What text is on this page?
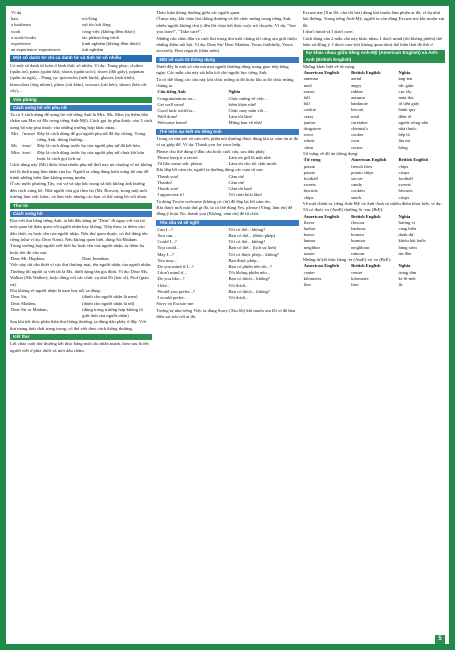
Vì dụ	
hair	tóc/lông
a hairbairn	sợi tóc/sợi lông
work	công việc (không đếm được)
a work/works	tác phẩm/công trình
experience	kinh nghiệm (không đếm được)
an experience/ experiences	trải nghiệm
Một số danh từ chỉ cả danh từ và tính từ số nhiều

Có một số danh từ luôn ở hình thức số nhiều. Ví dụ: Trang phục: clothes (quần áo), pants (quần dài), shorts (quần soóc), shoes (đôi giày), pajamas (quần áo ngủ),... Dụng cụ: spectacles (mắt kính), glasses (mắt kính), binoculars (ống nhòm), pliers (cái kềm), scissors (cái kéo), shears (kéo cắt cây),...

Văn phòng
Cách xưng hô với phụ nữ

Ta có 3 cách dùng để xưng hô với tiếng Anh là Mrs, Ms, Miss (ta thêm dấu chấm sau Mrs và Ms trong tiếng Anh-Mỹ). Cách gọi ấy phụ thuộc vào 3 cách xưng hô này phụ thuộc vào những trường hợp khác nhau.

Mrs	/'mɪsɪz/	Đây là cách dùng để gọi người phụ nữ đã lấy chồng. Trong tiếng Anh, thông thường...
Ms	/mɪz/	Đây là cách dùng trước họ của người phụ nữ đã kết hôn.
Miss	/mɪs/	Đây là cách dùng trước họ của người phụ nữ chưa kết hôn hoặc là cách gọi lịch sự.

Cách dùng này (Ms) được khai nhiều phụ nữ thời nay ưa chuộng vì nó không tiết lộ tình trạng hôn nhân của họ. Người ta cũng dùng kiểu xưng hô này để tránh những hiểu lầm không mong muốn.

Ở các nước phương Tây, vai vợ và sắp bắc trong xã hội không ảnh hưởng đến cách xưng hô. Nhà người chủ gọi theo họ (Mr. Brown), trong một môi trường làm việc khác, và làm việc nhưng các bạn có thể xưng hô với nhau.

Thư từ
Cách xưng hô

Khi viết thư bằng tiếng Anh, ta bắt đầu bằng từ "Dear" đi ngay với vai trò mối quan hệ thân quen với người nhận hay không. Tiếp theo, ta thêm vào dấu chức vụ hoặc tên của người nhận. Nếu thư quen thuộc, có thể dùng tên riêng (như ví dụ: Dear Nam). Nếu không quen biết, dùng Sir/Madam.

Trong trường hợp người viết biết họ hoặc tên của người nhận, ta thêm họ hoặc tên đó vào sau:

Dear Mr. Hopkins,	Dear Jonathan,

Việc này rất cần thiết vì các thư thương mại, tên người nhận của người nhận. Thường thì người ta viết tắt là Ms. dưới dạng tên gia đình. Ví dụ: Dear Ms. Walker (Ms Walker), hoặc dùng với các chức vụ như Dr (bác sĩ), Prof (giáo sư).

Khi không rõ người nhận là nam hay nữ, ta dùng:

Dear Sir,	(dành cho người nhận là nam)
Dear Madam,	(dành cho người nhận là nữ)
Dear Sir or Madam,	(dùng trong trường hợp không rõ giới tính của người nhận)

Sau khi kết thúc phần thân thư thông thường, ta dùng dấu phẩy ở đây. Với thư mang tính chất trang trọng, có thể viết theo cách thông thường.

Kết thư

Lời chào cuối thư thường kết thúc bằng một câu nhấn mạnh, theo sau là tên người viết ở phía dưới và một dấu chấm.

Thảo luận thông thường giữa các người quen:

Ở mục này, khi chào hỏi thông thường và lời chúc mừng trong tiếng Anh, nhiều người không chú ý đến lời chào kết thúc cuộc trò chuyện. Ví dụ: "See you later!", "Take care!".

Những câu chào đầu và cuối thư trong thư mời chúng tôi cũng xin giới thiệu những điểm nổi bật. Ví dụ: Dear Sir/ Dear Madam, Yours faithfully, Yours sincerely, Best regards (thân mến).

Một số cụm từ thông dụng

Dưới đây là một số câu mà mọi người thường dùng trong giao tiếp hằng ngày. Các mẫu câu này rất hữu ích cho người học tiếng Anh.

Ta có thể dùng các câu này khi chúc mừng ai đó hoặc khi ai đó chúc mừng chúng ta.

Câu tiếng Anh	Nghĩa
Congratulations on...	Chúc mừng về việc...
Get well soon!	Sớm khỏe nhé!
Good luck with/for...	Chúc may mắn với...
Well done!	Làm tốt lắm!
Welcome home!	Mừng bạn về nhà!
Thể hiện sự biết ơn tiếng Anh

Trong cả văn nói và văn viết, phần nói thường được dùng khi ta cảm ơn ai đó vì sự giúp đỡ. Ví dụ: Thank you for your help.

Please cho thể dùng ở đầu câu hoặc cuối câu, sau dấu phẩy.

Please keep it a secret.	Làm ơn giữ bí mật nhé.
I'd like some salt, please.	Làm ơn cho tôi chút muối.

Khi đáp lời cảm ơn, người ta thường dùng các cụm từ sau:

Thank you!	Cảm ơn!
Thanks!	Cảm ơn!
Thank you!	Cảm ơn bạn!
I appreciate it!	Tôi cảm kích lắm!

Ta dùng You're welcome (không có chi) để đáp lại lời cảm ơn.

Khi được mời một thứ gì đó, ta có thể dùng Yes, please (Vâng, làm ơn) để đồng ý hoặc No, thank you (Không, cảm ơn) để từ chối.

Yêu cầu và sẽ nghĩ
Can I...?	Tôi có thể... không?
You can...	Bạn có thể... (được phép)
Could I...?	Tôi có thể... không?
You could...	Bạn có thể... (lịch sự hơn)
May I...?	Tôi có được phép... không?
You may...	Bạn được phép...
Do you mind if I...?	Bạn có phiền nếu tôi...?
I don't mind if...	Tôi không phiền nếu...
Do you like...?	Bạn có thích... không?
I like...	Tôi thích...
Would you prefer...?	Bạn có thích... không?
I would prefer...	Tôi thích...

Sorry và Excuse me:

Tương tự như tiếng Việt, ta dùng Sorry (Xin lỗi) khi muốn xin lỗi vì đã làm điều sai trái với ai đó.

Excuse me (Xin lỗi, cho tôi hỏi) dùng khi muốn làm phiền ai đó, ví dụ như hỏi đường. Trong tiếng Anh-Mỹ, người ta còn dùng Excuse me khi muốn xin lỗi.

I don't mind và I don't care:

Cách dùng của 2 mẫu câu này khác nhau. I don't mind (tôi không phiền) thể hiện sự đồng ý. I don't care (tôi không quan tâm) thể hiện thái độ thờ ơ.

Sự khác nhau giữa tiếng Anh-Mỹ (American English) và Anh-Anh (British English)

Những khác biệt về từ vựng:

American English	British English	Nghĩa
antenna	aerial	ăng-ten
mad	angry	tức giận
eraser	rubber	cục tẩy
fall	autumn	mùa thu
bill	banknote	tờ tiền giấy
cookie	biscuit	bánh quy
crazy	mad	điên rồ
janitor	caretaker	người trông nhà
drugstore	chemist's	nhà thuốc
stove	cooker	bếp lò
wheat	corn	lúa mì
cheat	cotton	bông

Từ vựng về đồ ăn thông dụng:

Từ vựng	American English	British English
potato	french fries	chips
potato	potato chips	crisps
football	soccer	football
sweets	candy	sweets
biscuits	cookies	biscuits
chips	snack	crisps

Về mặt chính tả, tiếng Anh-Mỹ và Anh-Anh có nhiều điểm khác biệt, ví dụ:

Từ có đuôi -or (AmE) thường là -our (BrE):

American English	British English	Nghĩa
flavor	flavour	hương vị
harbor	harbour	cảng biển
honor	honour	danh dự
humor	humour	khiếu hài hước
neighbor	neighbour	hàng xóm
rumor	rumour	tin đồn

Những từ kết thúc bằng -er (AmE) và -re (BrE):

American English	British English	Nghĩa
center	centre	trung tâm
kilometer	kilometre	ki-lô-mét
liter	litre	lít
5
